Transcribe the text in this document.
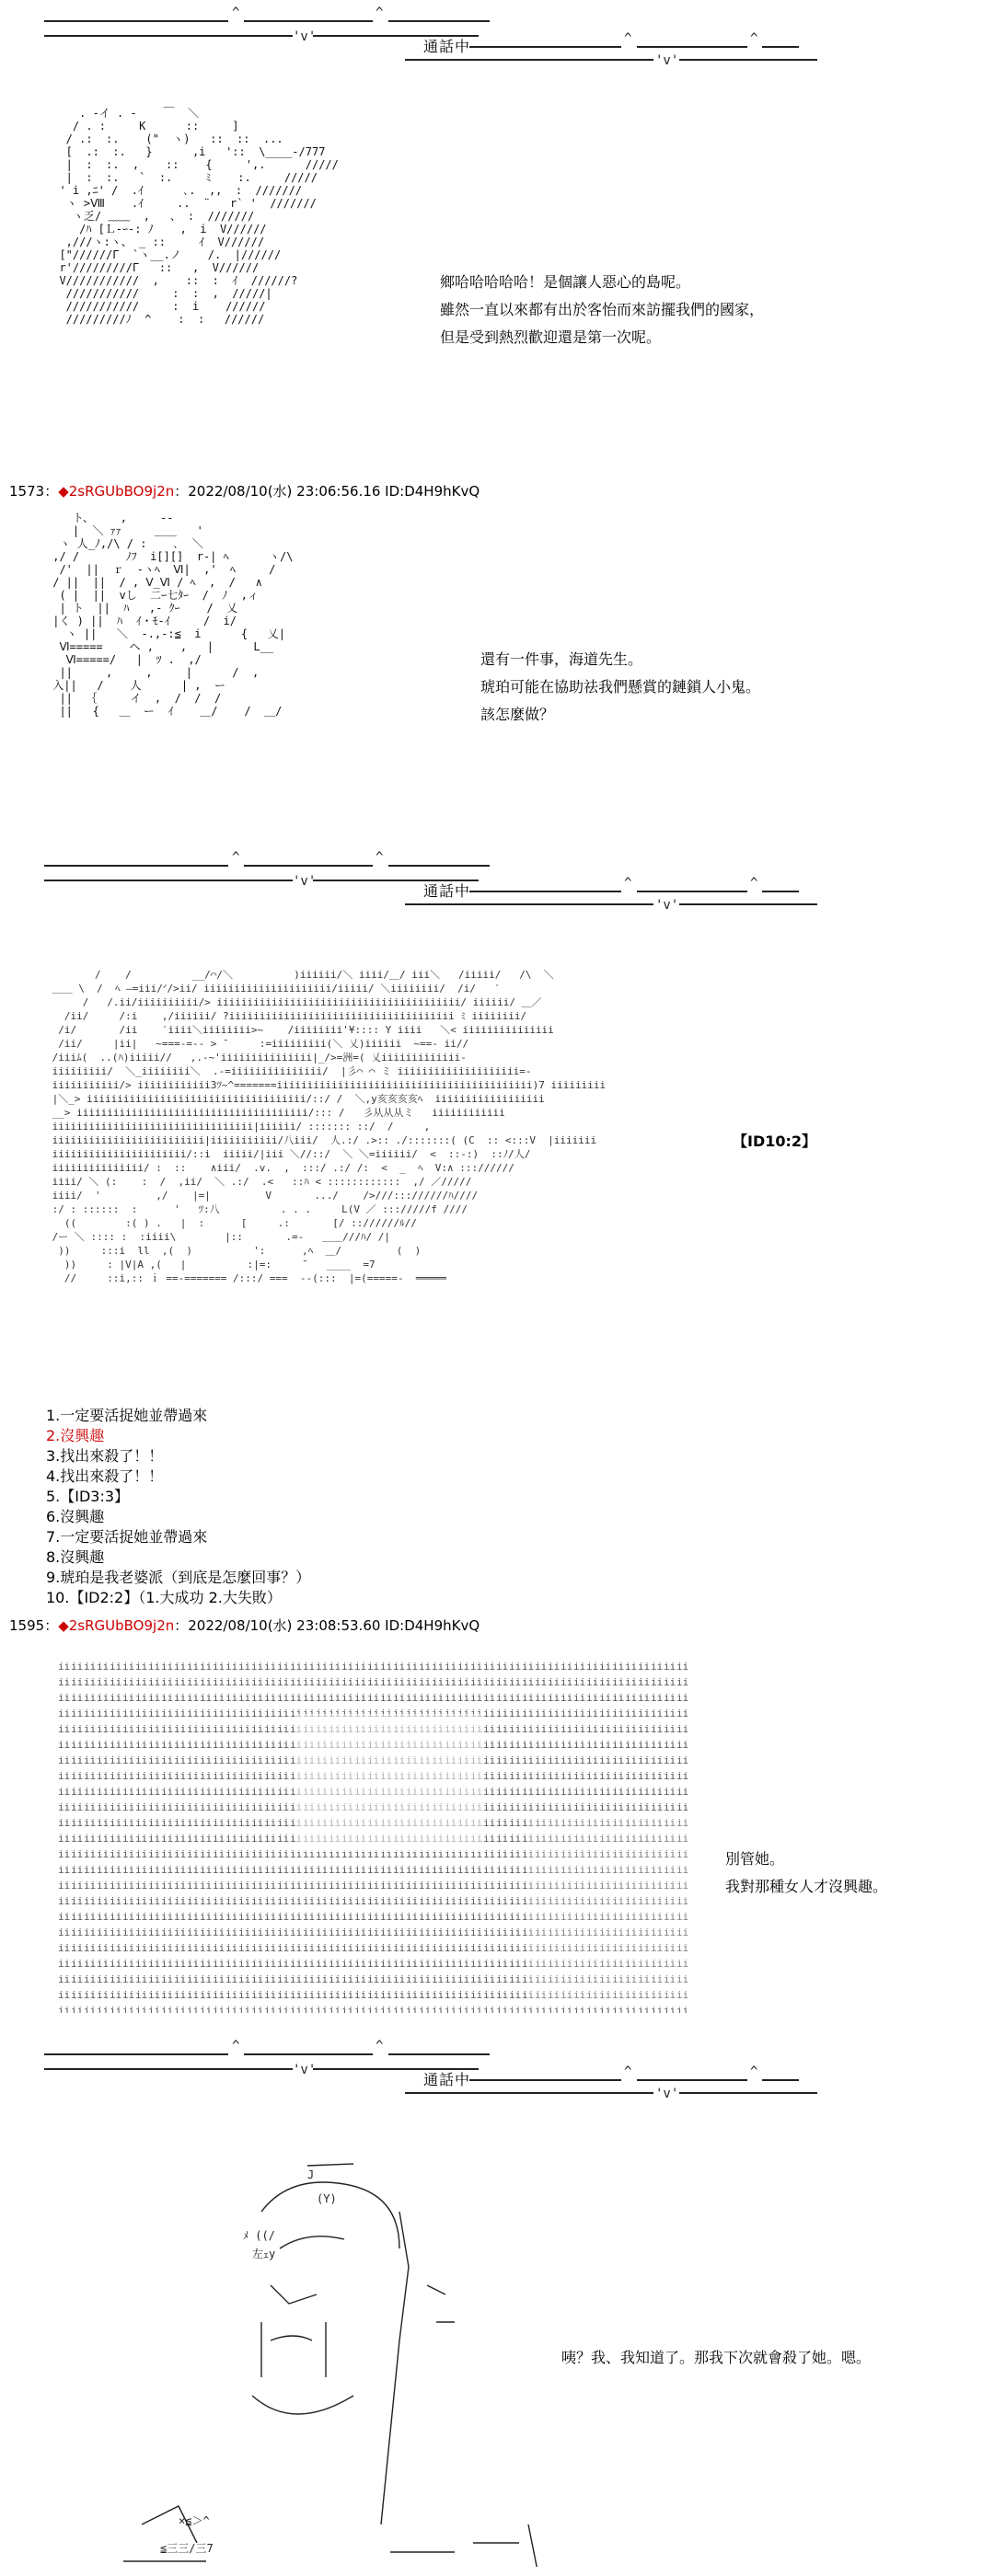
^	^
'v'
通話中	^	^
'v'
. -イ . ‐    ￣  ＼
/ . :     K      ::     ]
/ .:  :.    ("  ヽ)   ::  ::  ...
[  .:  :.   }      ,i   '::  \____-/777
|  :  :.  ,    ::    {     ',.      /////
|  :  :.   `  :.     ﾐ    :.     /////
' i ,ﾆ' /  .ｲ      ､.  ,,  :  ///////
ヽ >Ⅷ    .ｲ     ..  ¨   r` '  ///////
ヽ乏/ ﹏﹏  ,   、 :  ///////
/ﾊ [Ｌ-ｰ-: ﾉ    ,  i  V//////
,///ヽ:ヽ、 _ ::     ｲ  V//////
["//////Γ  `ヽ__.ノ    /.  |//////
r'/////////Γ   ::   ,  V//////
V///////////  ,    ::  :  ｲ  //////?
///////////     :  :  ,  /////|
///////////     :  i    //////
/////////ﾉ  ^    :  :   //////
鄉哈哈哈哈哈！是個讓人惡心的島呢。
雖然一直以來都有出於客怡而來訪擺我們的國家，
但是受到熱烈歡迎還是第一次呢。
1573：◆2sRGUbBO9j2n：2022/08/10(水) 23:06:56.16 ID:D4H9hKvQ
ト、    ,     --
|  ＼ ｧｧ     ＿＿   '
ヽ 人_ﾉ,/\ / :    ､  ＼
,/ /       ﾉﾌ  i[][]  r-| ﾍ      ヽ/\
/'  ||  ｒ  -ヽﾍ  Ⅵ|  ,'  ﾍ     /
/ ||  ||  / , Ⅴ_Ⅵ / ﾍ  ,  /   ∧
( |  ||  vし  二ｰ七ﾀｰ  /  ﾉ  ,ィ
| ト  ||  ﾊ   ,- ｸｰ    /  乂
|く ) ||  ﾊ  ｲ・ﾓ-ｲ     /  i/
ヽ ||   ＼  ‐.,-:≦  i      {   乂|
Ⅵ=====    ヘ ,    ,   |      L__
Ⅵ=====/   |  ﾂ .  ,/
||     ,     ,     |      /  ,
入||   /    人      | ,  ー
||  ｛     イ  ,  /  /  /
||   {   ＿  ー  ｲ    ＿/    /  ＿/
還有一件事，海道先生。
琥珀可能在協助祛我們懸賞的鏈鎖人小鬼。
該怎麼做？
^	^
'v'
通話中	^	^
'v'
/    /          __/⌒/＼          )iiiiii/＼ iiii/＿/ iii＼   /iiiii/   /\  ＼
＿＿ \  /  ﾍ ―=iii/ᐟ/>ii/ iiiiiiiiiiiiiiiiiiiii/iiiii/ ＼iiiiiiii/  /i/   ′
/   /.ii/iiiiiiiiii/> iiiiiiiiiiiiiiiiiiiiiiiiiiiiiiiiiiiiiiii/ iiiiii/ ＿／
/ii/     /:i    ,/iiiiii/ ?iiiiiiiiiiiiiiiiiiiiiiiiiiiiiiiiiiiii ﾐ iiiiiiii/
/i/       /ii    ′iiii＼iiiiiiii>~    /iiiiiiii'¥:::: Y iiii   ＼< iiiiiiiiiiiiiii
/ii/     |ii|   ~===-=-- > ¯     :=iiiiiiiii(＼ 乂)iiiiii  ~==- ii//
/iiiﾑ(  ..(ﾊ)iiiii//   ,.-~'iiiiiiiiiiiiiii|_/>=洲=( 乂iiiiiiiiiiiii-
iiiiiiiii/  ＼_iiiiiiii＼  .-=iiiiiiiiiiiiiii/  |彡⌒ ⌒ ミ iiiiiiiiiiiiiiiiiiii=-
iiiiiiiiiii/> iiiiiiiiiiii3ﾂ~^=======iiiiiiiiiiiiiiiiiiiiiiiiiiiiiiiiiiiiiiiiii)7 iiiiiiiii
|＼_> iiiiiiiiiiiiiiiiiiiiiiiiiiiiiiiiiiii/::/ /  ＼,y亥亥亥亥ﾍ  iiiiiiiiiiiiiiiiii
__> iiiiiiiiiiiiiiiiiiiiiiiiiiiiiiiiiiiiii/::: /   彡从从从ミ   iiiiiiiiiiii
iiiiiiiiiiiiiiiiiiiiiiiiiiiiiiiii|iiiiii/ ::::::: ::/  /     ,
iiiiiiiiiiiiiiiiiiiiiiiii|iiiiiiiiiii/八iii/  人.:/ .>:: ./:::::::( (C  :: <:::V  |iiiiiii
iiiiiiiiiiiiiiiiiiiiii/::i  iiiii/|iii ＼//::/  ＼ ＼=iiiiii/  <  ::-:)  ::ﾉ/人/
iiiiiiiiiiiiiii/ :  ::    ∧iii/  .v.  ,  :::/ .:/ /:  <  _  ﾍ  V:∧ ::://////
iiii/ ＼ (:    :  /  ,ii/  ＼ .:/  .<   ::ﾊ < ::::::::::::  ,/ ／/////
iiii/  '         ,/    |=|         V       .../    />///::://////ﾊ////
:/ : ::::::  :      '   ﾂ:八          . . .     L(V ／ ::://///f ////
((        :( ) .   |  :      [     .:       [/ :://////ﾙ//
/ー ＼ :::: :  :iiii\        |::       .=-   ＿＿///ﾊ/ /|
))     :::i  ll  ,(  )          ':      ,ﾍ  ＿/         (  )
))     : |V|A ,(   |          :|=:     ̄    ____  =7
//     ::i,:: ｉ ==-======= /:::/ ===  --(:::  |=(=====-  ═════
【ID10:2】
1.一定要活捉她並帶過來
2.沒興趣
3.找出來殺了！！
4.找出來殺了！！
5.【ID3:3】
6.沒興趣
7.一定要活捉她並帶過來
8.沒興趣
9.琥珀是我老婆派（到底是怎麼回事？）
10.【ID2:2】（1.大成功 2.大失敗）
1595：◆2sRGUbBO9j2n：2022/08/10(水) 23:08:53.60 ID:D4H9hKvQ

別管她。
我對那種女人才沒興趣。
^	^
'v'
通話中	^	^
'v'

J
(Y)
ﾒ ((/
左ｪy
×≦＞^
≦三三/三7

咦？我、我知道了。那我下次就會殺了她。嗯。
